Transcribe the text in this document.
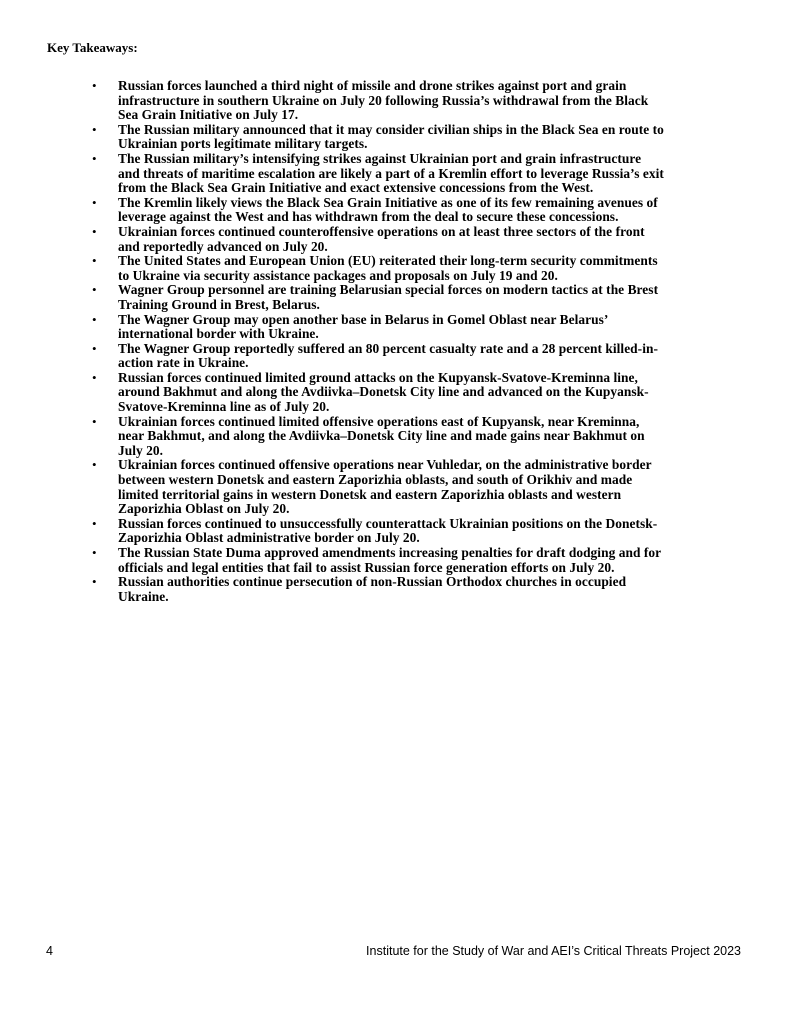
Key Takeaways:
• Russian forces launched a third night of missile and drone strikes against port and grain
infrastructure in southern Ukraine on July 20 following Russia’s withdrawal from the Black
Sea Grain Initiative on July 17.
• The Russian military announced that it may consider civilian ships in the Black Sea en route to
Ukrainian ports legitimate military targets.
• The Russian military’s intensifying strikes against Ukrainian port and grain infrastructure
and threats of maritime escalation are likely a part of a Kremlin effort to leverage Russia’s exit
from the Black Sea Grain Initiative and exact extensive concessions from the West.
• The Kremlin likely views the Black Sea Grain Initiative as one of its few remaining avenues of
leverage against the West and has withdrawn from the deal to secure these concessions.
• Ukrainian forces continued counteroffensive operations on at least three sectors of the front
and reportedly advanced on July 20.
• The United States and European Union (EU) reiterated their long-term security commitments
to Ukraine via security assistance packages and proposals on July 19 and 20.
• Wagner Group personnel are training Belarusian special forces on modern tactics at the Brest
Training Ground in Brest, Belarus.
• The Wagner Group may open another base in Belarus in Gomel Oblast near Belarus’
international border with Ukraine.
• The Wagner Group reportedly suffered an 80 percent casualty rate and a 28 percent killed-in-
action rate in Ukraine.
• Russian forces continued limited ground attacks on the Kupyansk-Svatove-Kreminna line,
around Bakhmut and along the Avdiivka–Donetsk City line and advanced on the Kupyansk-
Svatove-Kreminna line as of July 20.
• Ukrainian forces continued limited offensive operations east of Kupyansk, near Kreminna,
near Bakhmut, and along the Avdiivka–Donetsk City line and made gains near Bakhmut on
July 20.
• Ukrainian forces continued offensive operations near Vuhledar, on the administrative border
between western Donetsk and eastern Zaporizhia oblasts, and south of Orikhiv and made
limited territorial gains in western Donetsk and eastern Zaporizhia oblasts and western
Zaporizhia Oblast on July 20.
• Russian forces continued to unsuccessfully counterattack Ukrainian positions on the Donetsk-
Zaporizhia Oblast administrative border on July 20.
• The Russian State Duma approved amendments increasing penalties for draft dodging and for
officials and legal entities that fail to assist Russian force generation efforts on July 20.
• Russian authorities continue persecution of non-Russian Orthodox churches in occupied
Ukraine.
4	Institute for the Study of War and AEI’s Critical Threats Project 2023
